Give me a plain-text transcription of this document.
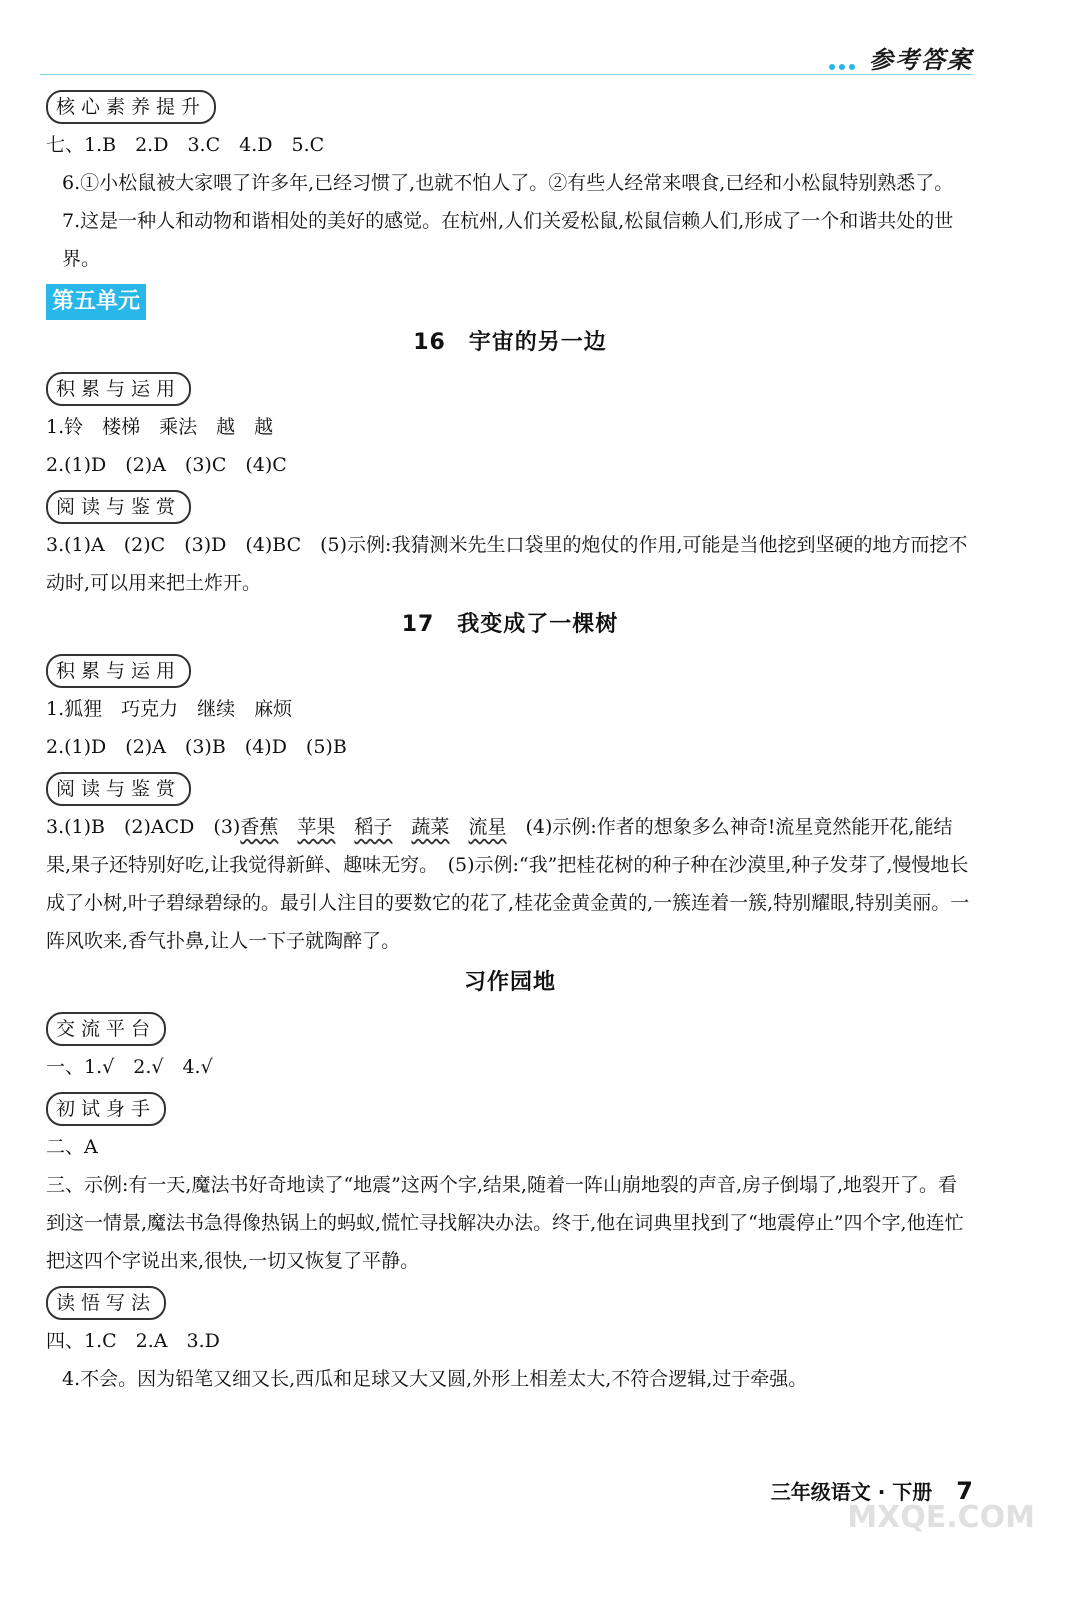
参考答案
核心素养提升
七、1.B　2.D　3.C　4.D　5.C
6.①小松鼠被大家喂了许多年,已经习惯了,也就不怕人了。②有些人经常来喂食,已经和小松鼠特别熟悉了。
7.这是一种人和动物和谐相处的美好的感觉。在杭州,人们关爱松鼠,松鼠信赖人们,形成了一个和谐共处的世界。
第五单元
16　宇宙的另一边
积累与运用
1.铃　楼梯　乘法　越　越
2.(1)D　(2)A　(3)C　(4)C
阅读与鉴赏
3.(1)A　(2)C　(3)D　(4)BC　(5)示例:我猜测米先生口袋里的炮仗的作用,可能是当他挖到坚硬的地方而挖不动时,可以用来把土炸开。
17　我变成了一棵树
积累与运用
1.狐狸　巧克力　继续　麻烦
2.(1)D　(2)A　(3)B　(4)D　(5)B
阅读与鉴赏
3.(1)B　(2)ACD　(3)香蕉　 苹果　 稻子　 蔬菜　 流星　(4)示例:作者的想象多么神奇!流星竟然能开花,能结果,果子还特别好吃,让我觉得新鲜、趣味无穷。　(5)示例:“我”把桂花树的种子种在沙漠里,种子发芽了,慢慢地长成了小树,叶子碧绿碧绿的。最引人注目的要数它的花了,桂花金黄金黄的,一簇连着一簇,特别耀眼,特别美丽。一阵风吹来,香气扑鼻,让人一下子就陶醉了。
习作园地
交流平台
一、1.√　2.√　4.√
初试身手
二、A
三、示例:有一天,魔法书好奇地读了“地震”这两个字,结果,随着一阵山崩地裂的声音,房子倒塌了,地裂开了。看到这一情景,魔法书急得像热锅上的蚂蚁,慌忙寻找解决办法。终于,他在词典里找到了“地震停止”四个字,他连忙把这四个字说出来,很快,一切又恢复了平静。
读悟写法
四、1.C　2.A　3.D
4.不会。因为铅笔又细又长,西瓜和足球又大又圆,外形上相差太大,不符合逻辑,过于牵强。
三年级语文 · 下册 7
MXQE.COM
